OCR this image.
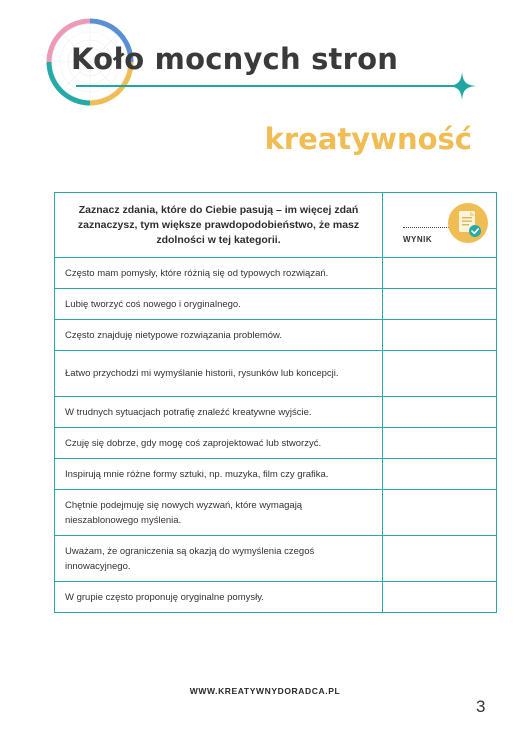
Koło mocnych stron
kreatywność
Zaznacz zdania, które do Ciebie pasują – im więcej zdań zaznaczysz, tym większe prawdopodobieństwo, że masz zdolności w tej kategorii.	WYNIK

Często mam pomysły, które różnią się od typowych rozwiązań.	
Lubię tworzyć coś nowego i oryginalnego.	
Często znajduję nietypowe rozwiązania problemów.	
Łatwo przychodzi mi wymyślanie historii, rysunków lub koncepcji.	
W trudnych sytuacjach potrafię znaleźć kreatywne wyjście.	
Czuję się dobrze, gdy mogę coś zaprojektować lub stworzyć.	
Inspirują mnie różne formy sztuki, np. muzyka, film czy grafika.	
Chętnie podejmuję się nowych wyzwań, które wymagają nieszablonowego myślenia.	
Uważam, że ograniczenia są okazją do wymyślenia czegoś innowacyjnego.	
W grupie często proponuję oryginalne pomysły.	
WWW.KREATYWNYDORADCA.PL
3
